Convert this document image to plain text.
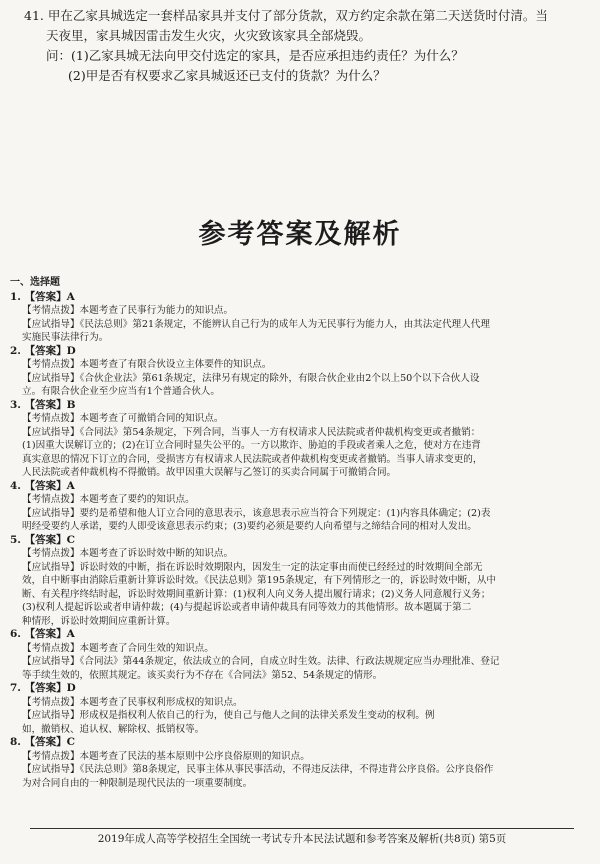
41. 甲在乙家具城选定一套样品家具并支付了部分货款，双方约定余款在第二天送货时付清。当
天夜里，家具城因雷击发生火灾，火灾致该家具全部烧毁。
问：(1)乙家具城无法向甲交付选定的家具，是否应承担违约责任？为什么？
(2)甲是否有权要求乙家具城返还已支付的货款？为什么？
参考答案及解析
一、选择题
1. 【答案】A
【考情点拨】本题考查了民事行为能力的知识点。
【应试指导】《民法总则》第21条规定，不能辨认自己行为的成年人为无民事行为能力人，由其法定代理人代理
实施民事法律行为。
2. 【答案】D
【考情点拨】本题考查了有限合伙设立主体要件的知识点。
【应试指导】《合伙企业法》第61条规定，法律另有规定的除外，有限合伙企业由2个以上50个以下合伙人设
立。有限合伙企业至少应当有1个普通合伙人。
3. 【答案】B
【考情点拨】本题考查了可撤销合同的知识点。
【应试指导】《合同法》第54条规定，下列合同，当事人一方有权请求人民法院或者仲裁机构变更或者撤销：
(1)因重大误解订立的；(2)在订立合同时显失公平的。一方以欺诈、胁迫的手段或者乘人之危，使对方在违背
真实意思的情况下订立的合同，受损害方有权请求人民法院或者仲裁机构变更或者撤销。当事人请求变更的，
人民法院或者仲裁机构不得撤销。故甲因重大误解与乙签订的买卖合同属于可撤销合同。
4. 【答案】A
【考情点拨】本题考查了要约的知识点。
【应试指导】要约是希望和他人订立合同的意思表示，该意思表示应当符合下列规定：(1)内容具体确定；(2)表
明经受要约人承诺，要约人即受该意思表示约束；(3)要约必须是要约人向希望与之缔结合同的相对人发出。
5. 【答案】C
【考情点拨】本题考查了诉讼时效中断的知识点。
【应试指导】诉讼时效的中断，指在诉讼时效期限内，因发生一定的法定事由而使已经经过的时效期间全部无
效，自中断事由消除后重新计算诉讼时效。《民法总则》第195条规定，有下列情形之一的，诉讼时效中断，从中
断、有关程序终结时起，诉讼时效期间重新计算：(1)权利人向义务人提出履行请求；(2)义务人同意履行义务；
(3)权利人提起诉讼或者申请仲裁；(4)与提起诉讼或者申请仲裁具有同等效力的其他情形。故本题属于第二
种情形，诉讼时效期间应重新计算。
6. 【答案】A
【考情点拨】本题考查了合同生效的知识点。
【应试指导】《合同法》第44条规定，依法成立的合同，自成立时生效。法律、行政法规规定应当办理批准、登记
等手续生效的，依照其规定。该买卖行为不存在《合同法》第52、54条规定的情形。
7. 【答案】D
【考情点拨】本题考查了民事权利形成权的知识点。
【应试指导】形成权是指权利人依自己的行为，使自己与他人之间的法律关系发生变动的权利。例
如，撤销权、追认权、解除权、抵销权等。
8. 【答案】C
【考情点拨】本题考查了民法的基本原则中公序良俗原则的知识点。
【应试指导】《民法总则》第8条规定，民事主体从事民事活动，不得违反法律，不得违背公序良俗。公序良俗作
为对合同自由的一种限制是现代民法的一项重要制度。
2019年成人高等学校招生全国统一考试专升本民法试题和参考答案及解析(共8页) 第5页
